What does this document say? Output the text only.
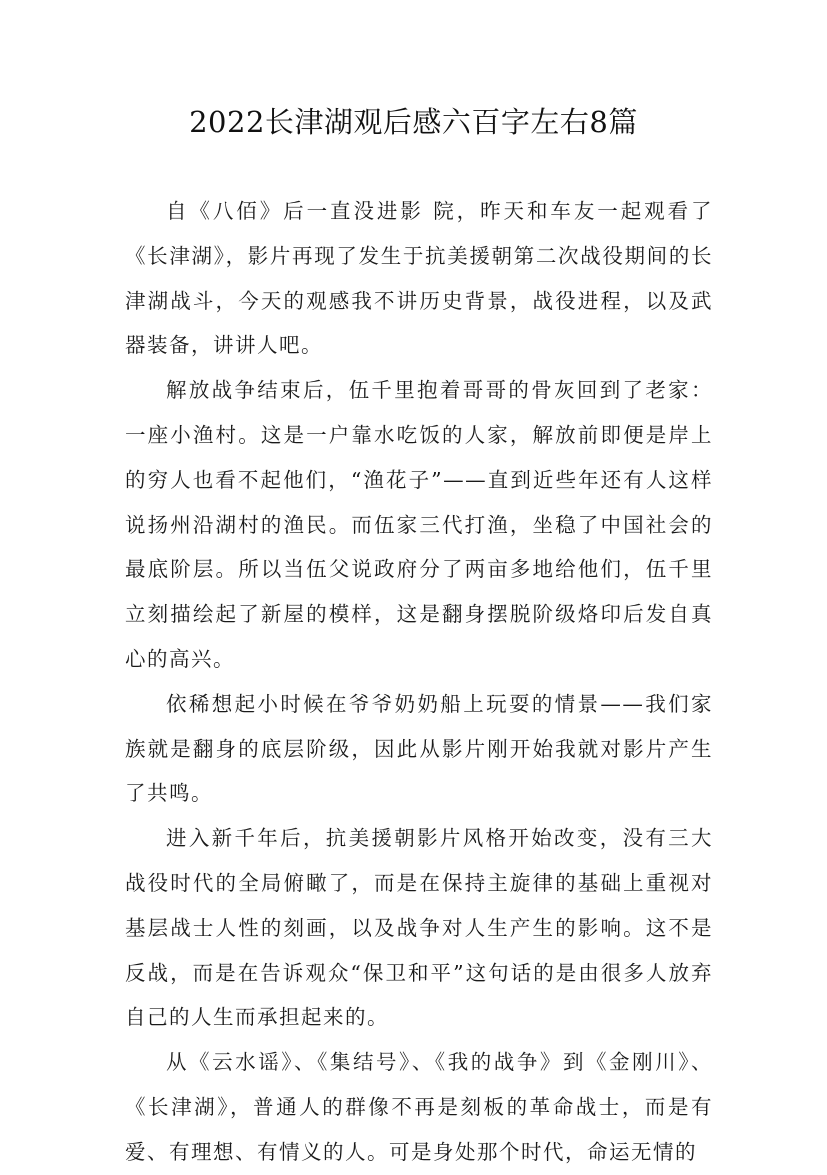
2022长津湖观后感六百字左右8篇

自《八佰》后一直没进影 院，昨天和车友一起观看了《长津湖》，影片再现了发生于抗美援朝第二次战役期间的长津湖战斗，今天的观感我不讲历史背景，战役进程，以及武器装备，讲讲人吧。

解放战争结束后，伍千里抱着哥哥的骨灰回到了老家：一座小渔村。这是一户靠水吃饭的人家，解放前即便是岸上的穷人也看不起他们，“渔花子”——直到近些年还有人这样说扬州沿湖村的渔民。而伍家三代打渔，坐稳了中国社会的最底阶层。所以当伍父说政府分了两亩多地给他们，伍千里立刻描绘起了新屋的模样，这是翻身摆脱阶级烙印后发自真心的高兴。

依稀想起小时候在爷爷奶奶船上玩耍的情景——我们家族就是翻身的底层阶级，因此从影片刚开始我就对影片产生了共鸣。

进入新千年后，抗美援朝影片风格开始改变，没有三大战役时代的全局俯瞰了，而是在保持主旋律的基础上重视对基层战士人性的刻画，以及战争对人生产生的影响。这不是反战，而是在告诉观众“保卫和平”这句话的是由很多人放弃自己的人生而承担起来的。

从《云水谣》、《集结号》、《我的战争》到《金刚川》、《长津湖》，普通人的群像不再是刻板的革命战士，而是有爱、有理想、有情义的人。可是身处那个时代，命运无情的
